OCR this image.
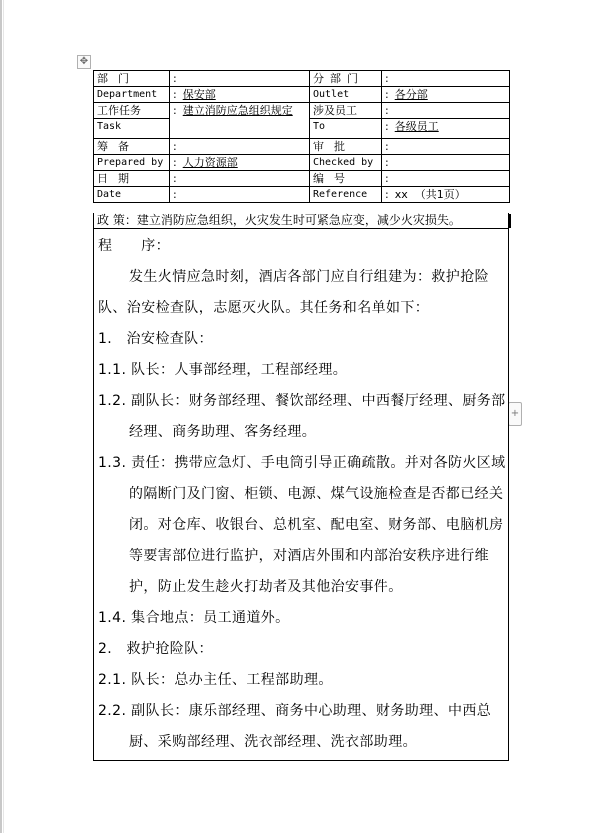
✥
+
部门	:	分部门	:
Department	: 保安部	Outlet	: 各分部
工作任务	: 建立消防应急组织规定	涉及员工	:
Task		To	: 各级员工
筹备	:	审批	:
Prepared by	: 人力资源部	Checked by	:
日期	:	编号	:
Date	:	Reference	: xx  （共1页）
政 策：建立消防应急组织，火灾发生时可紧急应变，减少火灾损失。

程　　序：

发生火情应急时刻，酒店各部门应自行组建为：救护抢险队、治安检查队，志愿灭火队。其任务和名单如下：

1.　治安检查队：

1.1. 队长：人事部经理，工程部经理。

1.2. 副队长：财务部经理、餐饮部经理、中西餐厅经理、厨务部经理、商务助理、客务经理。

1.3. 责任：携带应急灯、手电筒引导正确疏散。并对各防火区域的隔断门及门窗、柜锁、电源、煤气设施检查是否都已经关闭。对仓库、收银台、总机室、配电室、财务部、电脑机房等要害部位进行监护，对酒店外围和内部治安秩序进行维护，防止发生趁火打劫者及其他治安事件。

1.4. 集合地点：员工通道外。

2.　救护抢险队：

2.1. 队长：总办主任、工程部助理。

2.2. 副队长：康乐部经理、商务中心助理、财务助理、中西总厨、采购部经理、洗衣部经理、洗衣部助理。
